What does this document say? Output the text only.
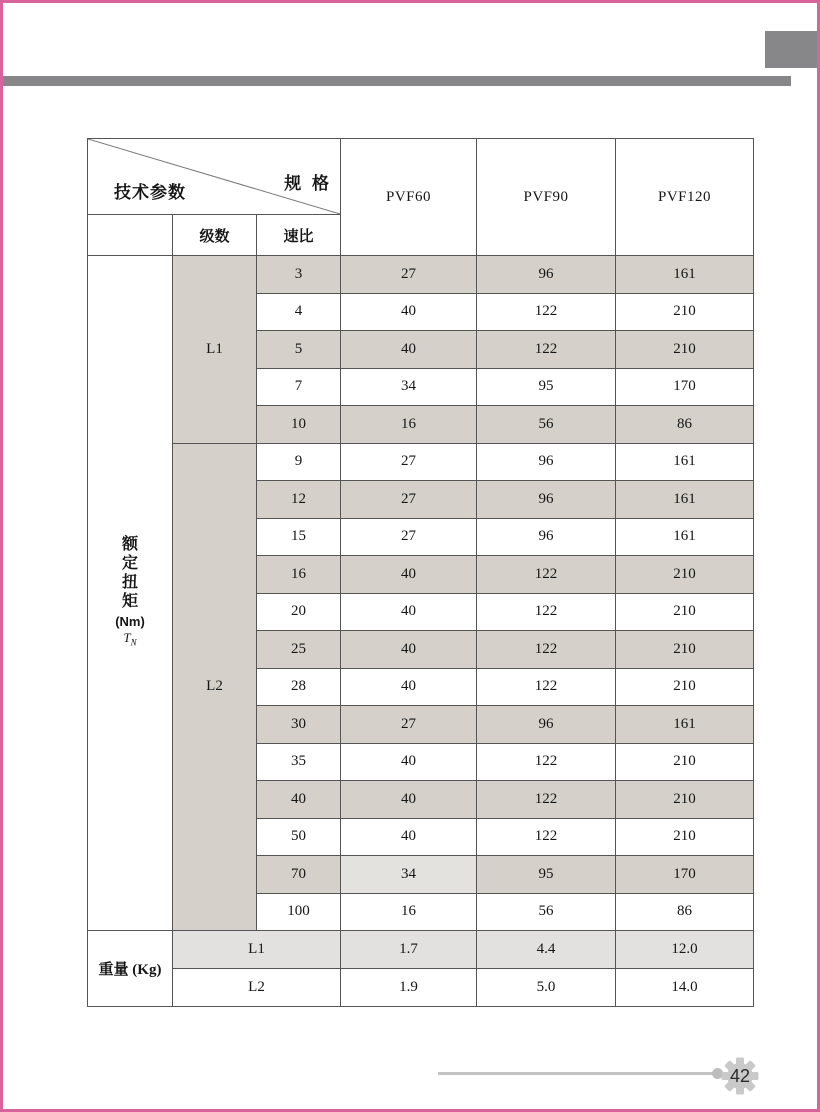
规 格
技术参数			PVF60	PVF90	PVF120
	级数	速比			

额
定
扭
矩
(Nm)
$T_N$
	L1	3	27	96	161
		4	40	122	210
		5	40	122	210
		7	34	95	170
		10	16	56	86
	L2	9	27	96	161
		12	27	96	161
		15	27	96	161
		16	40	122	210
		20	40	122	210
		25	40	122	210
		28	40	122	210
		30	27	96	161
		35	40	122	210
		40	40	122	210
		50	40	122	210
		70	34	95	170
		100	16	56	86
重量 (Kg)	L1		1.7	4.4	12.0
	L2		1.9	5.0	14.0
42
